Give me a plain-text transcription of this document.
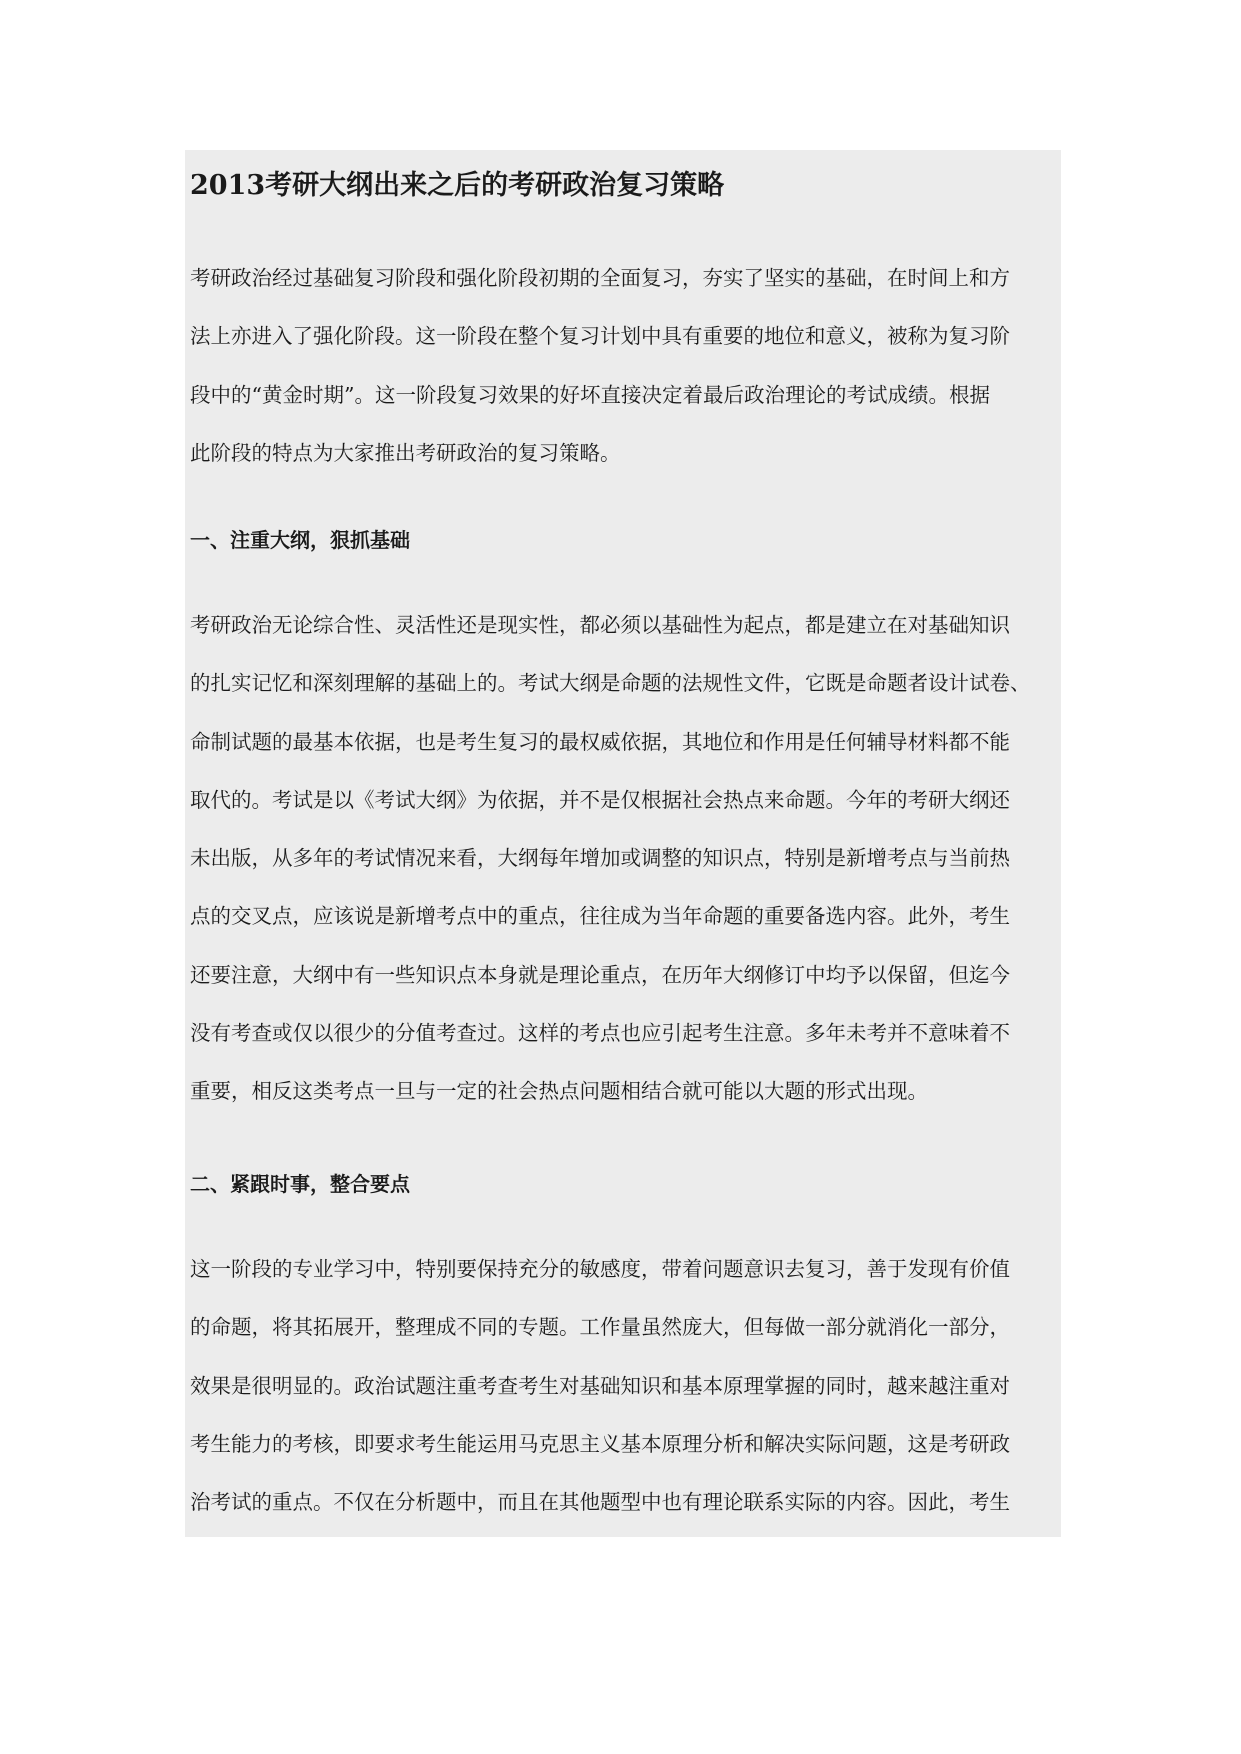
2013考研大纲出来之后的考研政治复习策略
考研政治经过基础复习阶段和强化阶段初期的全面复习，夯实了坚实的基础，在时间上和方
法上亦进入了强化阶段。这一阶段在整个复习计划中具有重要的地位和意义，被称为复习阶
段中的“黄金时期”。这一阶段复习效果的好坏直接决定着最后政治理论的考试成绩。根据
此阶段的特点为大家推出考研政治的复习策略。
一、注重大纲，狠抓基础
考研政治无论综合性、灵活性还是现实性，都必须以基础性为起点，都是建立在对基础知识
的扎实记忆和深刻理解的基础上的。考试大纲是命题的法规性文件，它既是命题者设计试卷、
命制试题的最基本依据，也是考生复习的最权威依据，其地位和作用是任何辅导材料都不能
取代的。考试是以《考试大纲》为依据，并不是仅根据社会热点来命题。今年的考研大纲还
未出版，从多年的考试情况来看，大纲每年增加或调整的知识点，特别是新增考点与当前热
点的交叉点，应该说是新增考点中的重点，往往成为当年命题的重要备选内容。此外，考生
还要注意，大纲中有一些知识点本身就是理论重点，在历年大纲修订中均予以保留，但迄今
没有考查或仅以很少的分值考查过。这样的考点也应引起考生注意。多年未考并不意味着不
重要，相反这类考点一旦与一定的社会热点问题相结合就可能以大题的形式出现。
二、紧跟时事，整合要点
这一阶段的专业学习中，特别要保持充分的敏感度，带着问题意识去复习，善于发现有价值
的命题，将其拓展开，整理成不同的专题。工作量虽然庞大，但每做一部分就消化一部分，
效果是很明显的。政治试题注重考查考生对基础知识和基本原理掌握的同时，越来越注重对
考生能力的考核，即要求考生能运用马克思主义基本原理分析和解决实际问题，这是考研政
治考试的重点。不仅在分析题中，而且在其他题型中也有理论联系实际的内容。因此，考生
